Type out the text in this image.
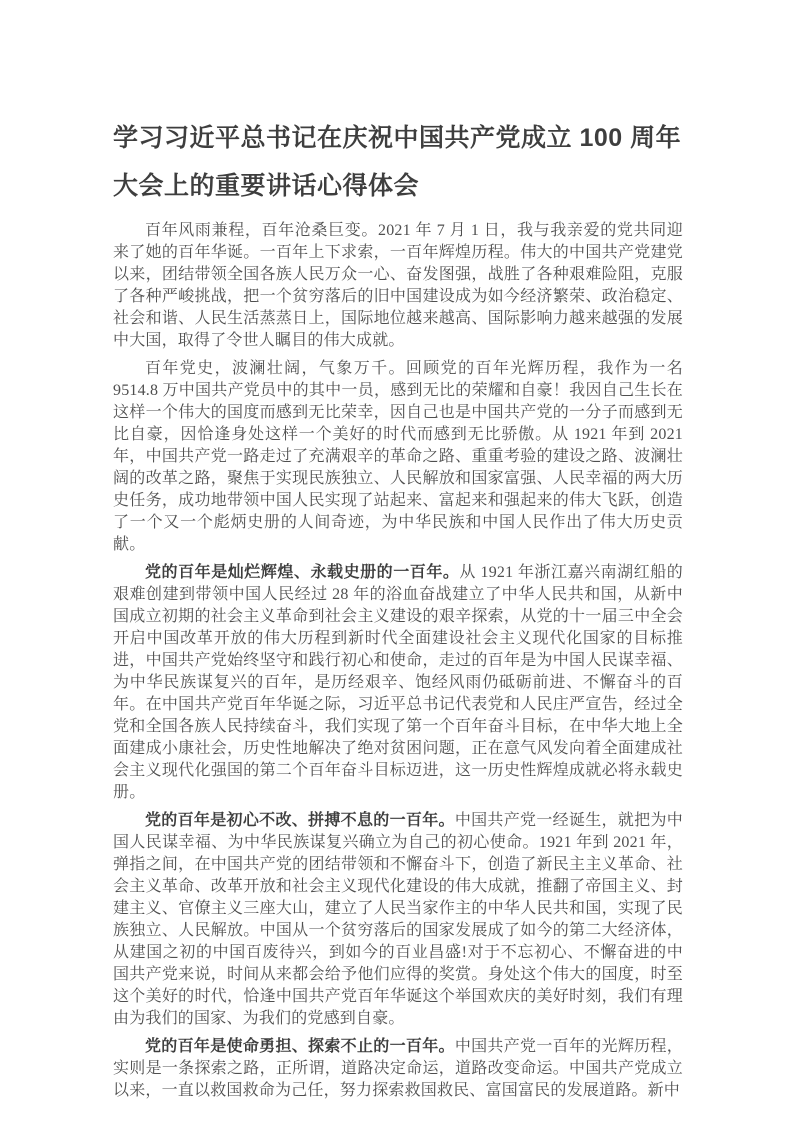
学习习近平总书记在庆祝中国共产党成立 100 周年大会上的重要讲话心得体会

百年风雨兼程，百年沧桑巨变。2021 年 7 月 1 日，我与我亲爱的党共同迎来了她的百年华诞。一百年上下求索，一百年辉煌历程。伟大的中国共产党建党以来，团结带领全国各族人民万众一心、奋发图强，战胜了各种艰难险阻，克服了各种严峻挑战，把一个贫穷落后的旧中国建设成为如今经济繁荣、政治稳定、社会和谐、人民生活蒸蒸日上，国际地位越来越高、国际影响力越来越强的发展中大国，取得了令世人瞩目的伟大成就。

百年党史，波澜壮阔，气象万千。回顾党的百年光辉历程，我作为一名 9514.8 万中国共产党员中的其中一员，感到无比的荣耀和自豪！我因自己生长在这样一个伟大的国度而感到无比荣幸，因自己也是中国共产党的一分子而感到无比自豪，因恰逢身处这样一个美好的时代而感到无比骄傲。从 1921 年到 2021 年，中国共产党一路走过了充满艰辛的革命之路、重重考验的建设之路、波澜壮阔的改革之路，聚焦于实现民族独立、人民解放和国家富强、人民幸福的两大历史任务，成功地带领中国人民实现了站起来、富起来和强起来的伟大飞跃，创造了一个又一个彪炳史册的人间奇迹，为中华民族和中国人民作出了伟大历史贡献。

党的百年是灿烂辉煌、永载史册的一百年。从 1921 年浙江嘉兴南湖红船的艰难创建到带领中国人民经过 28 年的浴血奋战建立了中华人民共和国，从新中国成立初期的社会主义革命到社会主义建设的艰辛探索，从党的十一届三中全会开启中国改革开放的伟大历程到新时代全面建设社会主义现代化国家的目标推进，中国共产党始终坚守和践行初心和使命，走过的百年是为中国人民谋幸福、为中华民族谋复兴的百年，是历经艰辛、饱经风雨仍砥砺前进、不懈奋斗的百年。在中国共产党百年华诞之际，习近平总书记代表党和人民庄严宣告，经过全党和全国各族人民持续奋斗，我们实现了第一个百年奋斗目标，在中华大地上全面建成小康社会，历史性地解决了绝对贫困问题，正在意气风发向着全面建成社会主义现代化强国的第二个百年奋斗目标迈进，这一历史性辉煌成就必将永载史册。

党的百年是初心不改、拼搏不息的一百年。中国共产党一经诞生，就把为中国人民谋幸福、为中华民族谋复兴确立为自己的初心使命。1921 年到 2021 年，弹指之间，在中国共产党的团结带领和不懈奋斗下，创造了新民主主义革命、社会主义革命、改革开放和社会主义现代化建设的伟大成就，推翻了帝国主义、封建主义、官僚主义三座大山，建立了人民当家作主的中华人民共和国，实现了民族独立、人民解放。中国从一个贫穷落后的国家发展成了如今的第二大经济体，从建国之初的中国百废待兴，到如今的百业昌盛!对于不忘初心、不懈奋进的中国共产党来说，时间从来都会给予他们应得的奖赏。身处这个伟大的国度，时至这个美好的时代，恰逢中国共产党百年华诞这个举国欢庆的美好时刻，我们有理由为我们的国家、为我们的党感到自豪。

党的百年是使命勇担、探索不止的一百年。中国共产党一百年的光辉历程，实则是一条探索之路，正所谓，道路决定命运，道路改变命运。中国共产党成立以来，一直以救国救命为己任，努力探索救国救民、富国富民的发展道路。新中
